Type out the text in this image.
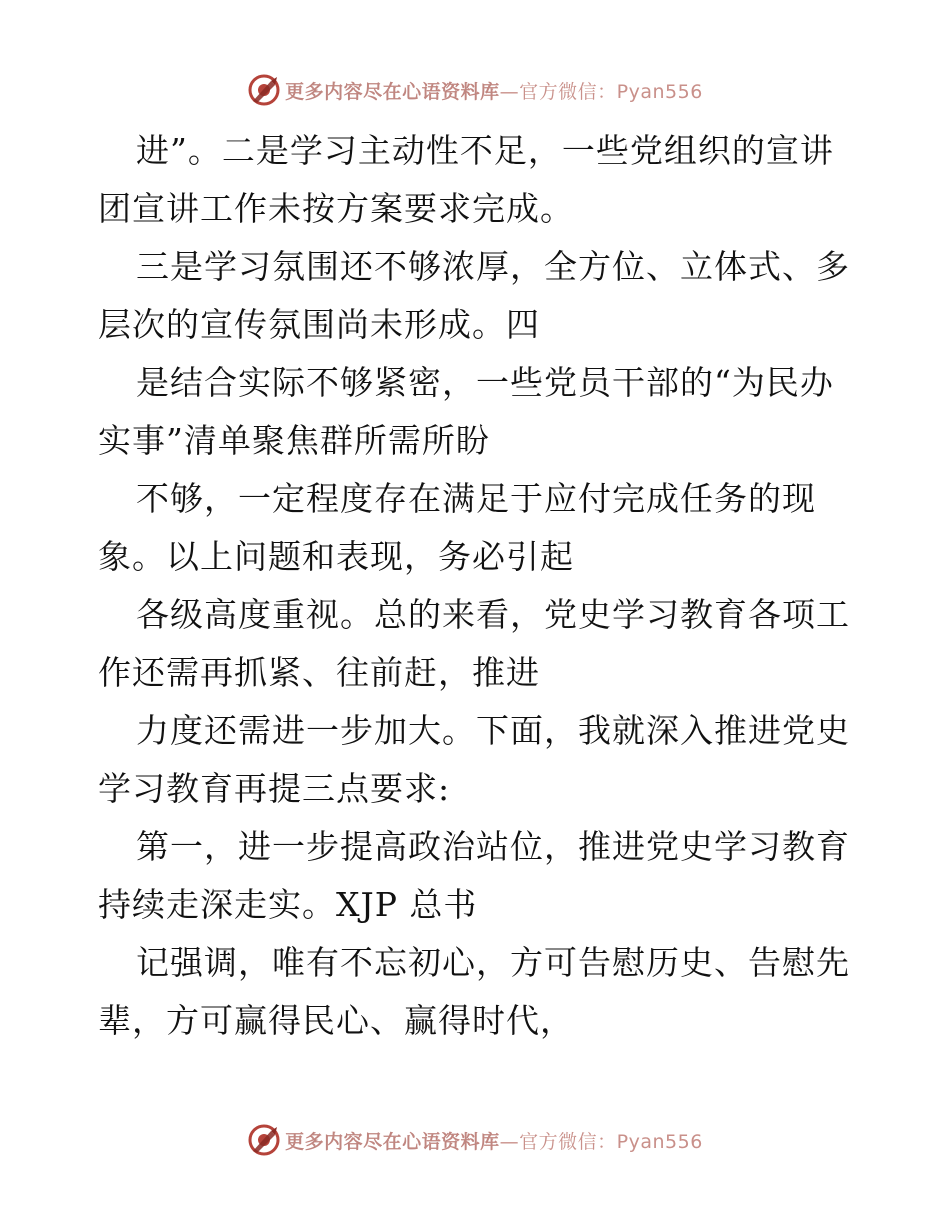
更多内容尽在心语资料库—官方微信：Pyan556
进”。二是学习主动性不足，一些党组织的宣讲
团宣讲工作未按方案要求完成。
三是学习氛围还不够浓厚，全方位、立体式、多
层次的宣传氛围尚未形成。四
是结合实际不够紧密，一些党员干部的“为民办
实事”清单聚焦群所需所盼
不够，一定程度存在满足于应付完成任务的现
象。以上问题和表现，务必引起
各级高度重视。总的来看，党史学习教育各项工
作还需再抓紧、往前赶，推进
力度还需进一步加大。下面，我就深入推进党史
学习教育再提三点要求:
第一，进一步提高政治站位，推进党史学习教育
持续走深走实。XJP 总书
记强调，唯有不忘初心，方可告慰历史、告慰先
辈，方可赢得民心、赢得时代，
更多内容尽在心语资料库—官方微信：Pyan556
